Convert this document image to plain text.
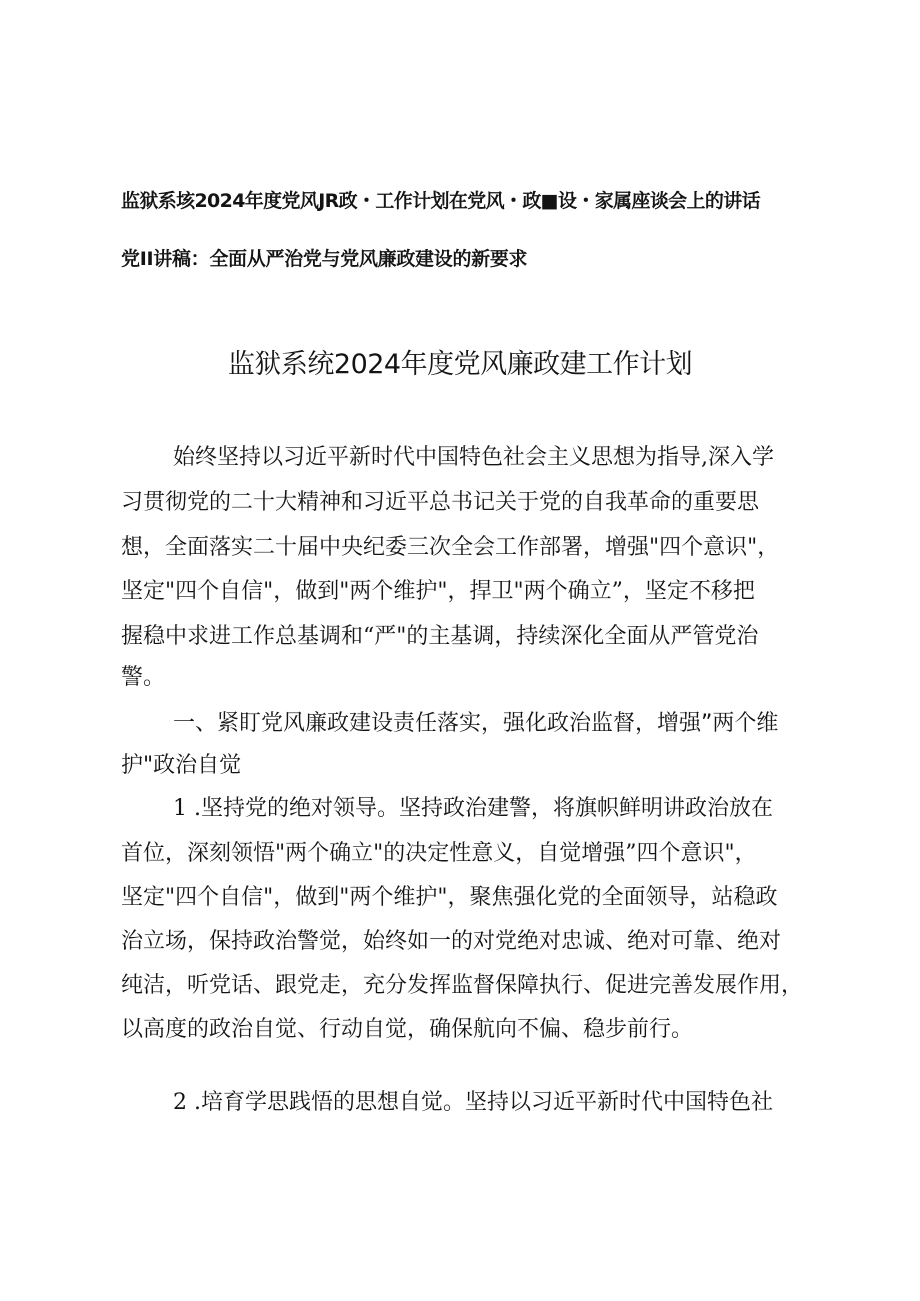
监狱系垓2024年度党风JR政・工作计划在党风・政■设・家属座谈会上的讲话

党II讲稿：全面从严治党与党风廉政建设的新要求

监狱系统2024年度党风廉政建工作计划

始终坚持以习近平新时代中国特色社会主义思想为指导,深入学

习贯彻党的二十大精神和习近平总书记关于党的自我革命的重要思

想，全面落实二十届中央纪委三次全会工作部署，增强"四个意识"，

坚定"四个自信"，做到"两个维护"，捍卫"两个确立”，坚定不移把

握稳中求进工作总基调和“严"的主基调，持续深化全面从严管党治

警。

一、紧盯党风廉政建设责任落实，强化政治监督，增强”两个维

护"政治自觉

1 .坚持党的绝对领导。坚持政治建警，将旗帜鲜明讲政治放在

首位，深刻领悟"两个确立"的决定性意义，自觉增强”四个意识"，

坚定"四个自信"，做到"两个维护"，聚焦强化党的全面领导，站稳政

治立场，保持政治警觉，始终如一的对党绝对忠诚、绝对可靠、绝对

纯洁，听党话、跟党走，充分发挥监督保障执行、促进完善发展作用，

以高度的政治自觉、行动自觉，确保航向不偏、稳步前行。

2 .培育学思践悟的思想自觉。坚持以习近平新时代中国特色社
